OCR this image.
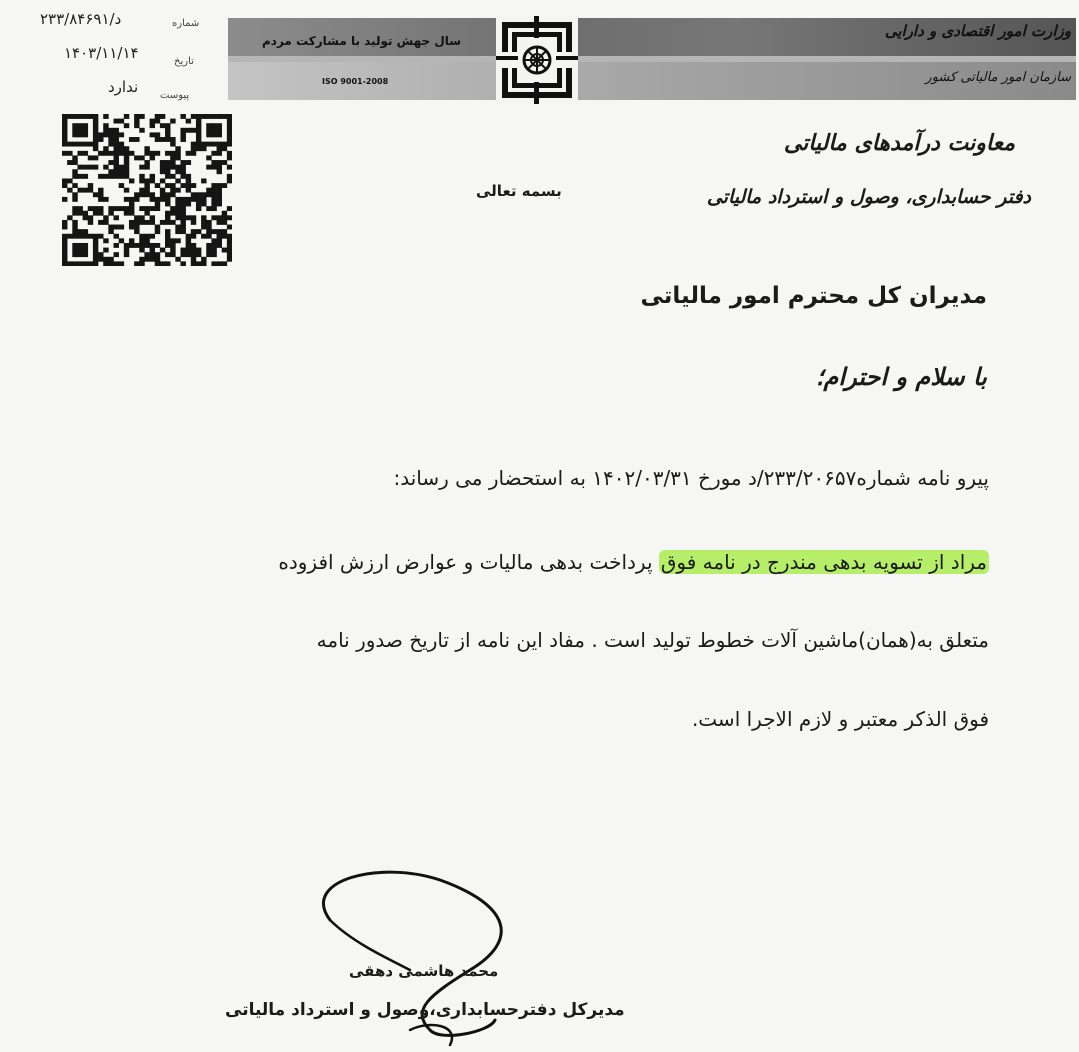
وزارت امور اقتصادی و دارایی
سازمان امور مالیاتی کشور
سال جهش تولید با مشارکت مردم
ISO 9001-2008
د/۲۳۳/۸۴۶۹۱	شماره
۱۴۰۳/۱۱/۱۴	تاریخ
ندارد پیوست
معاونت درآمدهای مالیاتی
دفتر حسابداری، وصول و استرداد مالیاتی
بسمه تعالی
مدیران کل محترم امور مالیاتی
با سلام و احترام؛
پیرو نامه شماره۲۳۳/۲۰۶۵۷/د مورخ ۱۴۰۲/۰۳/۳۱ به استحضار می رساند:
مراد از تسویه بدهی مندرج در نامه فوق پرداخت بدهی مالیات و عوارض ارزش افزوده
متعلق به(همان)ماشین آلات خطوط تولید است . مفاد این نامه از تاریخ صدور نامه
فوق الذکر معتبر و لازم الاجرا است.
محمد هاشمی دهقی
مدیرکل دفترحسابداری،وصول و استرداد مالیاتی
